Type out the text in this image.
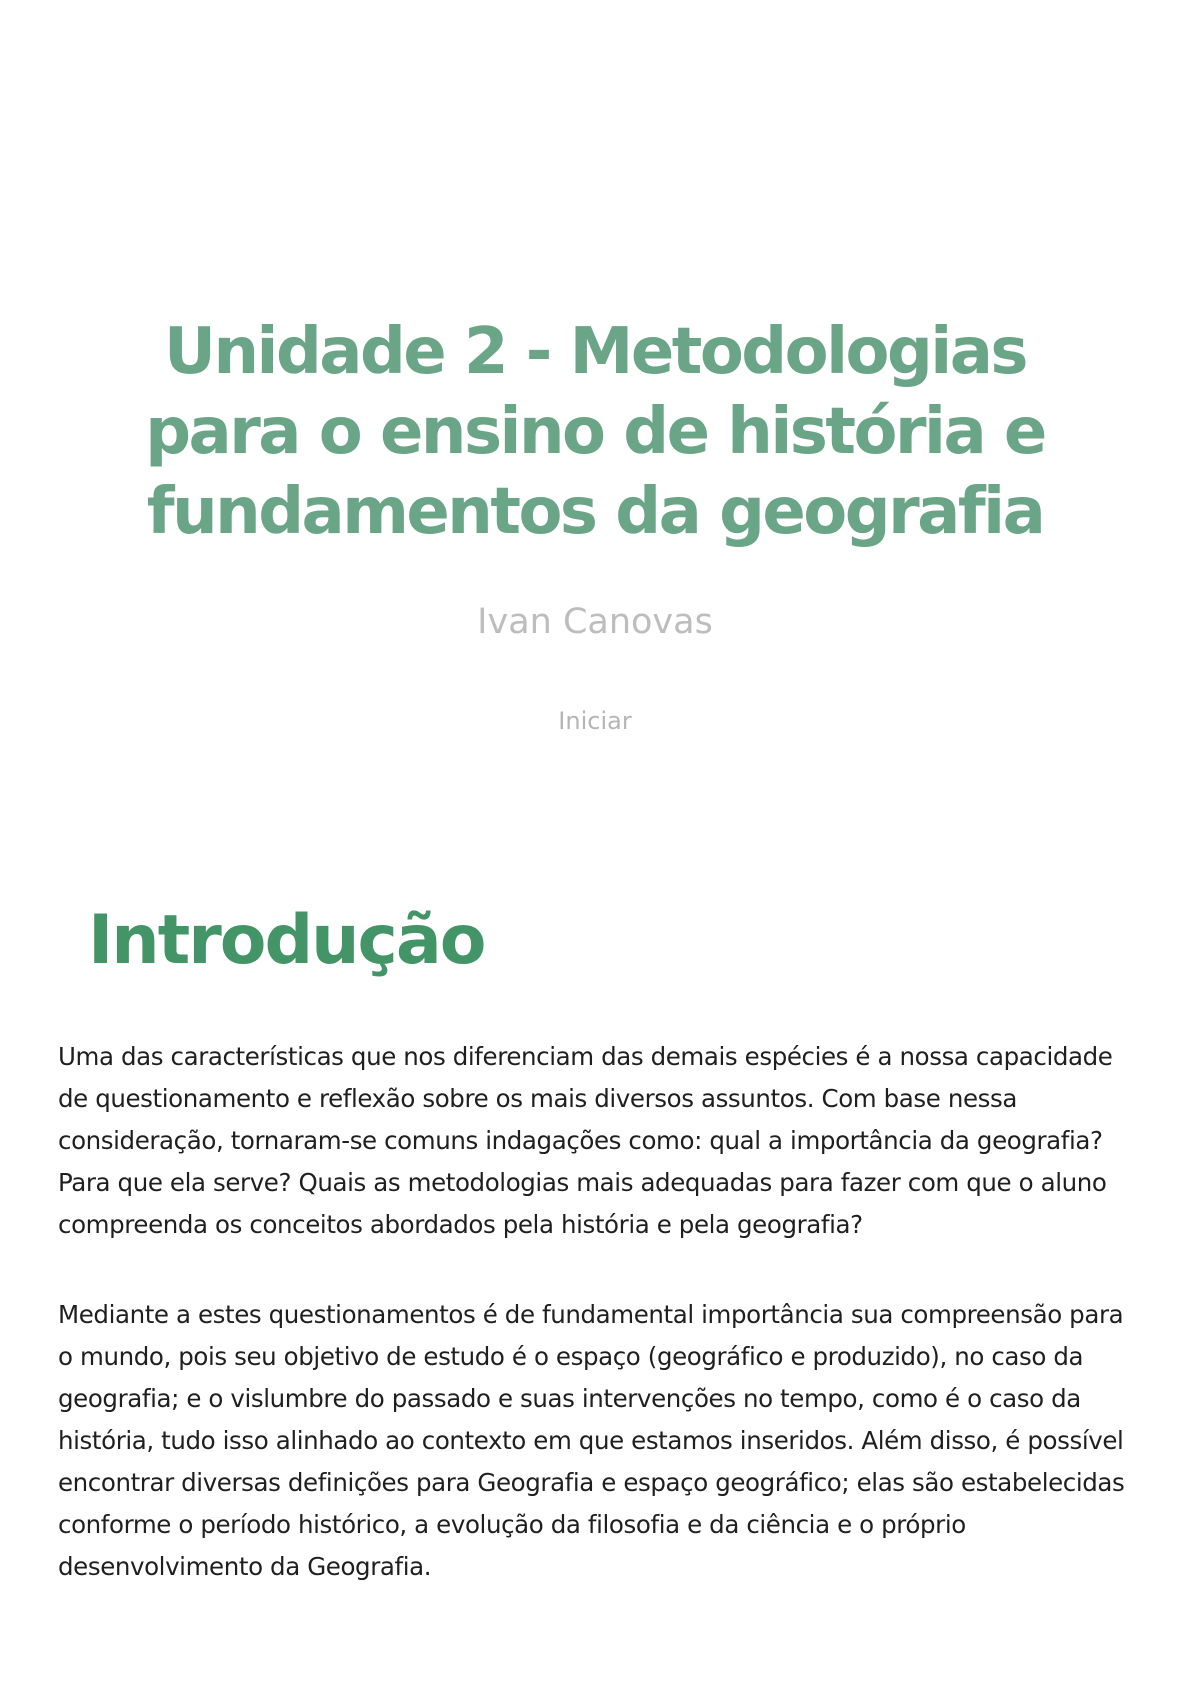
Unidade 2 - Metodologias para o ensino de história e fundamentos da geografia
Ivan Canovas
Iniciar
Introdução

Uma das características que nos diferenciam das demais espécies é a nossa capacidade de questionamento e reflexão sobre os mais diversos assuntos. Com base nessa consideração, tornaram-se comuns indagações como: qual a importância da geografia? Para que ela serve? Quais as metodologias mais adequadas para fazer com que o aluno compreenda os conceitos abordados pela história e pela geografia?

Mediante a estes questionamentos é de fundamental importância sua compreensão para o mundo, pois seu objetivo de estudo é o espaço (geográfico e produzido), no caso da geografia; e o vislumbre do passado e suas intervenções no tempo, como é o caso da história, tudo isso alinhado ao contexto em que estamos inseridos. Além disso, é possível encontrar diversas definições para Geografia e espaço geográfico; elas são estabelecidas conforme o período histórico, a evolução da filosofia e da ciência e o próprio desenvolvimento da Geografia.
